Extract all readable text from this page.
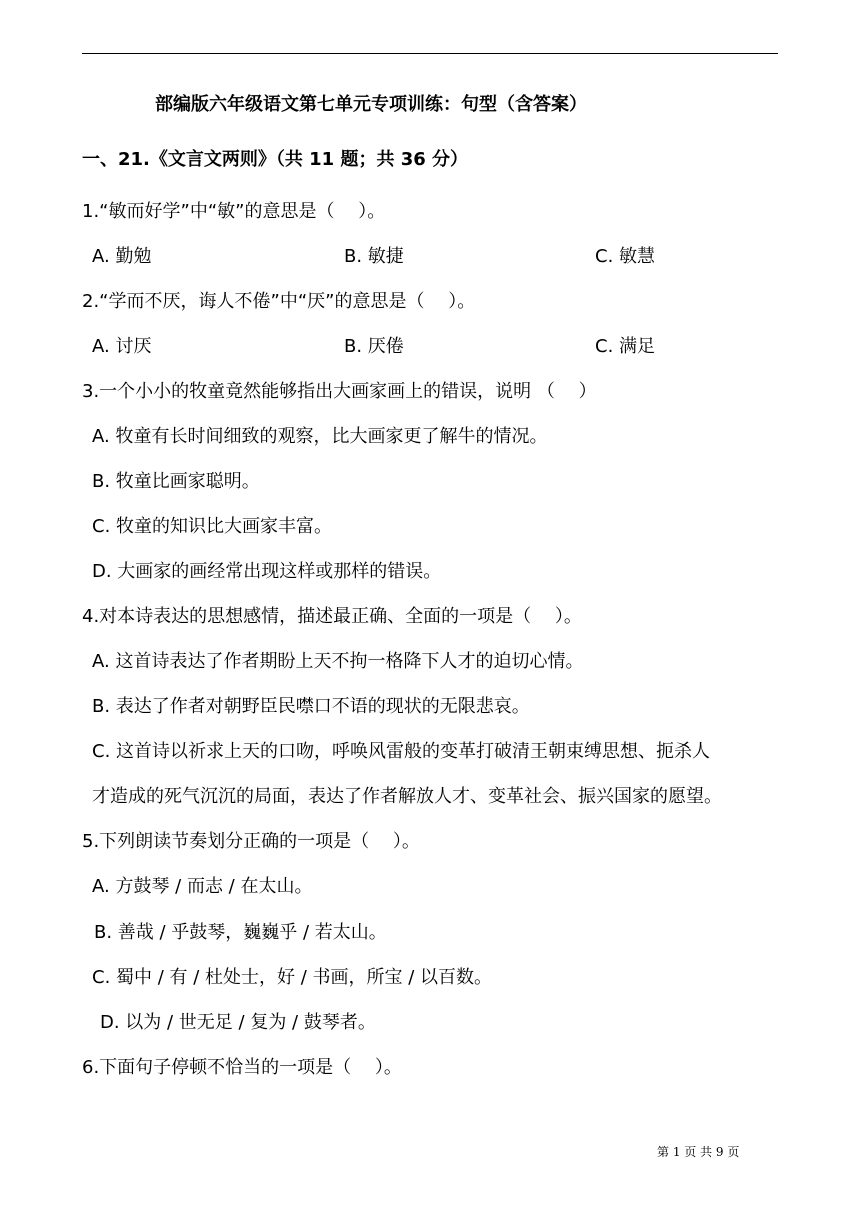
部编版六年级语文第七单元专项训练：句型（含答案）
一、21.《文言文两则》（共 11 题；共 36 分）
1.“敏而好学”中“敏”的意思是（　 ）。
A. 勤勉	B. 敏捷	C. 敏慧
2.“学而不厌，诲人不倦”中“厌”的意思是（　 ）。
A. 讨厌	B. 厌倦	C. 满足
3.一个小小的牧童竟然能够指出大画家画上的错误，说明 （　 ）
A. 牧童有长时间细致的观察，比大画家更了解牛的情况。
B. 牧童比画家聪明。
C. 牧童的知识比大画家丰富。
D. 大画家的画经常出现这样或那样的错误。
4.对本诗表达的思想感情，描述最正确、全面的一项是（　 ）。
A. 这首诗表达了作者期盼上天不拘一格降下人才的迫切心情。
B. 表达了作者对朝野臣民噤口不语的现状的无限悲哀。
C. 这首诗以祈求上天的口吻，呼唤风雷般的变革打破清王朝束缚思想、扼杀人
才造成的死气沉沉的局面，表达了作者解放人才、变革社会、振兴国家的愿望。
5.下列朗读节奏划分正确的一项是（　 ）。
A. 方鼓琴 / 而志 / 在太山。
B. 善哉 / 乎鼓琴，巍巍乎 / 若太山。
C. 蜀中 / 有 / 杜处士，好 / 书画，所宝 / 以百数。
D. 以为 / 世无足 / 复为 / 鼓琴者。
6.下面句子停顿不恰当的一项是（　 ）。
第 1 页 共 9 页
